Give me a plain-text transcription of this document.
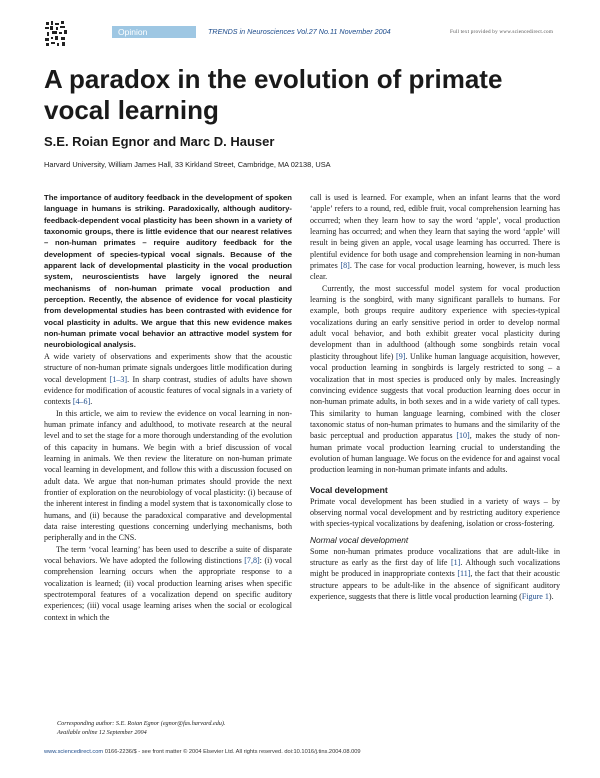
Opinion	TRENDS in Neurosciences Vol.27 No.11 November 2004	Full text provided by www.sciencedirect.com
A paradox in the evolution of primate vocal learning
S.E. Roian Egnor and Marc D. Hauser
Harvard University, William James Hall, 33 Kirkland Street, Cambridge, MA 02138, USA

The importance of auditory feedback in the development of spoken language in humans is striking. Paradoxically, although auditory-feedback-dependent vocal plasticity has been shown in a variety of taxonomic groups, there is little evidence that our nearest relatives – non-human primates – require auditory feedback for the development of species-typical vocal signals. Because of the apparent lack of developmental plasticity in the vocal production system, neuroscientists have largely ignored the neural mechanisms of non-human primate vocal production and perception. Recently, the absence of evidence for vocal plasticity from developmental studies has been contrasted with evidence for vocal plasticity in adults. We argue that this new evidence makes non-human primate vocal behavior an attractive model system for neurobiological analysis.

A wide variety of observations and experiments show that the acoustic structure of non-human primate signals undergoes little modification during vocal development [1–3]. In sharp contrast, studies of adults have shown evidence for modification of acoustic features of vocal signals in a variety of contexts [4–6].

In this article, we aim to review the evidence on vocal learning in non-human primate infancy and adulthood, to motivate research at the neural level and to set the stage for a more thorough understanding of the evolution of this capacity in humans. We begin with a brief discussion of vocal learning in animals. We then review the literature on non-human primate vocal learning in development, and follow this with a discussion focused on adult data. We argue that non-human primates should provide the next frontier of exploration on the neurobiology of vocal plasticity: (i) because of the inherent interest in finding a model system that is taxonomically close to humans, and (ii) because the paradoxical comparative and developmental data raise interesting questions concerning underlying mechanisms, both peripherally and in the CNS.

The term ‘vocal learning’ has been used to describe a suite of disparate vocal behaviors. We have adopted the following distinctions [7,8]: (i) vocal comprehension learning occurs when the appropriate response to a vocalization is learned; (ii) vocal production learning arises when specific spectrotemporal features of a vocalization depend on specific auditory experiences; (iii) vocal usage learning arises when the social or ecological context in which the

call is used is learned. For example, when an infant learns that the word ‘apple’ refers to a round, red, edible fruit, vocal comprehension learning has occurred; when they learn how to say the word ‘apple’, vocal production learning has occurred; and when they learn that saying the word ‘apple’ will result in being given an apple, vocal usage learning has occurred. There is plentiful evidence for both usage and comprehension learning in non-human primates [8]. The case for vocal production learning, however, is much less clear.

Currently, the most successful model system for vocal production learning is the songbird, with many significant parallels to humans. For example, both groups require auditory experience with species-typical vocalizations during an early sensitive period in order to develop normal adult vocal behavior, and both exhibit greater vocal plasticity during development than in adulthood (although some songbirds retain vocal plasticity throughout life) [9]. Unlike human language acquisition, however, vocal production learning in songbirds is largely restricted to song – a vocalization that in most species is produced only by males. Increasingly convincing evidence suggests that vocal production learning does occur in non-human primate adults, in both sexes and in a wide variety of call types. This similarity to human language learning, combined with the closer taxonomic status of non-human primates to humans and the similarity of the basic perceptual and production apparatus [10], makes the study of non-human primate vocal production learning crucial to understanding the evolution of human language. We focus on the evidence for and against vocal production learning in non-human primate infants and adults.

Vocal development

Primate vocal development has been studied in a variety of ways – by observing normal vocal development and by restricting auditory experience with species-typical vocalizations by deafening, isolation or cross-fostering.

Normal vocal development

Some non-human primates produce vocalizations that are adult-like in structure as early as the first day of life [1]. Although such vocalizations might be produced in inappropriate contexts [11], the fact that their acoustic structure appears to be adult-like in the absence of significant auditory experience, suggests that there is little vocal production learning (Figure 1).

Corresponding author: S.E. Roian Egnor (egnor@fas.harvard.edu).
Available online 12 September 2004
www.sciencedirect.com 0166-2236/$ - see front matter © 2004 Elsevier Ltd. All rights reserved. doi:10.1016/j.tins.2004.08.009
